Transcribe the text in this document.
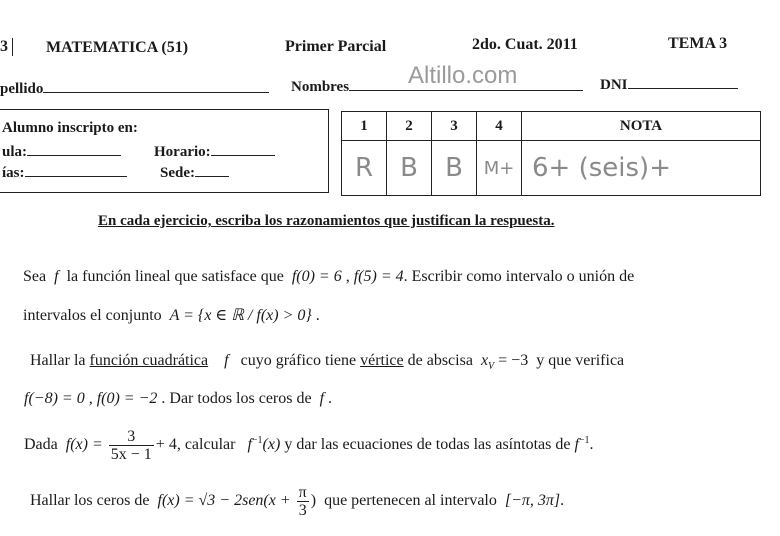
3	MATEMATICA (51)	Primer Parcial	2do. Cuat. 2011	TEMA 3
pellido	Nombres	DNI
Altillo.com
Alumno inscripto en:
ula:	Horario:
ías:	Sede:
1	2	3	4	NOTA
R	B	B	M+	6+ (seis)+
En cada ejercicio, escriba los razonamientos que justifican la respuesta.
Sea f la función lineal que satisface que f(0) = 6 , f(5) = 4. Escribir como intervalo o unión de
intervalos el conjunto A = {x ∈ ℝ / f(x) > 0} .
Hallar la función cuadrática f cuyo gráfico tiene vértice de abscisa $x_V = -3$ y que verifica
f(−8) = 0 , f(0) = −2 . Dar todos los ceros de f .
Dada $f(x) = \frac{3}{5x - 1} + 4$, calcular $f^{-1}(x)$ y dar las ecuaciones de todas las asíntotas de $f^{-1}$.
Hallar los ceros de $f(x) = √3 - 2sen(x + \frac{\pi}{3}$ ) que pertenecen al intervalo [−π, 3π].
